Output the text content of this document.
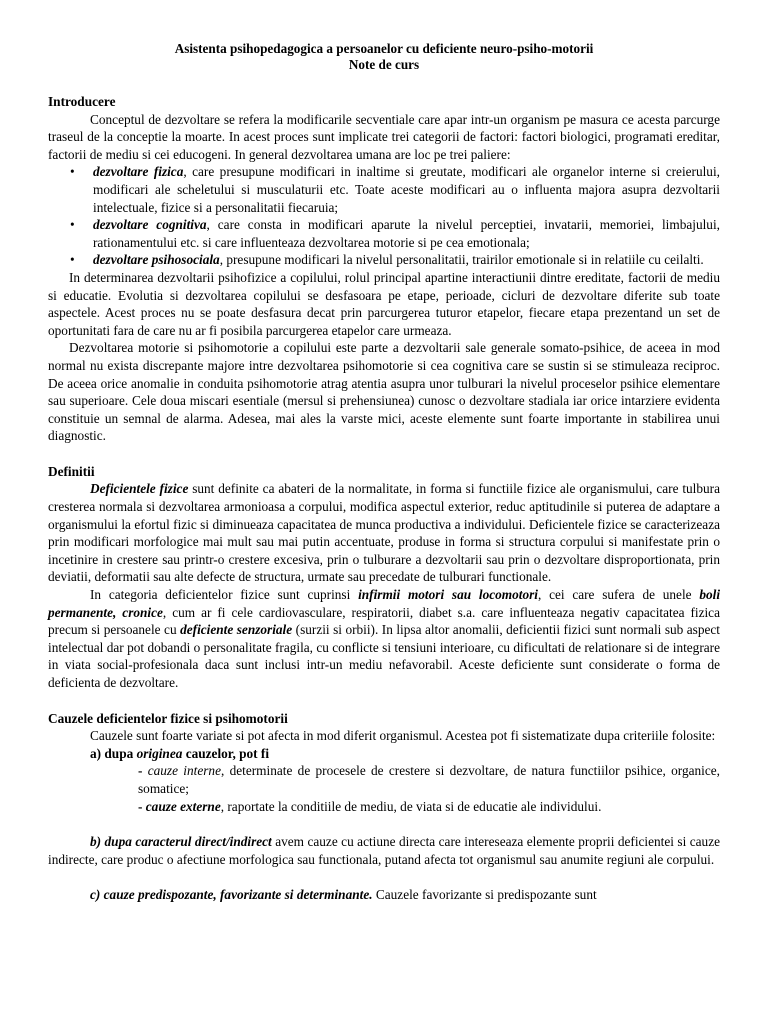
Asistenta psihopedagogica a persoanelor cu deficiente neuro-psiho-motorii
Note de curs
Introducere

Conceptul de dezvoltare se refera la modificarile secventiale care apar intr-un organism pe masura ce acesta parcurge traseul de la conceptie la moarte. In acest proces sunt implicate trei categorii de factori: factori biologici, programati ereditar, factorii de mediu si cei educogeni. In general dezvoltarea umana are loc pe trei paliere:

• dezvoltare fizica, care presupune modificari in inaltime si greutate, modificari ale organelor interne si creierului, modificari ale scheletului si musculaturii etc. Toate aceste modificari au o influenta majora asupra dezvoltarii intelectuale, fizice si a personalitatii fiecaruia;
• dezvoltare cognitiva, care consta in modificari aparute la nivelul perceptiei, invatarii, memoriei, limbajului, rationamentului etc. si care influenteaza dezvoltarea motorie si pe cea emotionala;
• dezvoltare psihosociala, presupune modificari la nivelul personalitatii, trairilor emotionale si in relatiile cu ceilalti.

In determinarea dezvoltarii psihofizice a copilului, rolul principal apartine interactiunii dintre ereditate, factorii de mediu si educatie. Evolutia si dezvoltarea copilului se desfasoara pe etape, perioade, cicluri de dezvoltare diferite sub toate aspectele. Acest proces nu se poate desfasura decat prin parcurgerea tuturor etapelor, fiecare etapa prezentand un set de oportunitati fara de care nu ar fi posibila parcurgerea etapelor care urmeaza.

Dezvoltarea motorie si psihomotorie a copilului este parte a dezvoltarii sale generale somato-psihice, de aceea in mod normal nu exista discrepante majore intre dezvoltarea psihomotorie si cea cognitiva care se sustin si se stimuleaza reciproc. De aceea orice anomalie in conduita psihomotorie atrag atentia asupra unor tulburari la nivelul proceselor psihice elementare sau superioare. Cele doua miscari esentiale (mersul si prehensiunea) cunosc o dezvoltare stadiala iar orice intarziere evidenta constituie un semnal de alarma. Adesea, mai ales la varste mici, aceste elemente sunt foarte importante in stabilirea unui diagnostic.

Definitii

Deficientele fizice sunt definite ca abateri de la normalitate, in forma si functiile fizice ale organismului, care tulbura cresterea normala si dezvoltarea armonioasa a corpului, modifica aspectul exterior, reduc aptitudinile si puterea de adaptare a organismului la efortul fizic si diminueaza capacitatea de munca productiva a individului. Deficientele fizice se caracterizeaza prin modificari morfologice mai mult sau mai putin accentuate, produse in forma si structura corpului si manifestate prin o incetinire in crestere sau printr-o crestere excesiva, prin o tulburare a dezvoltarii sau prin o dezvoltare disproportionata, prin deviatii, deformatii sau alte defecte de structura, urmate sau precedate de tulburari functionale.

In categoria deficientelor fizice sunt cuprinsi infirmii motori sau locomotori, cei care sufera de unele boli permanente, cronice, cum ar fi cele cardiovasculare, respiratorii, diabet s.a. care influenteaza negativ capacitatea fizica precum si persoanele cu deficiente senzoriale (surzii si orbii). In lipsa altor anomalii, deficientii fizici sunt normali sub aspect intelectual dar pot dobandi o personalitate fragila, cu conflicte si tensiuni interioare, cu dificultati de relationare si de integrare in viata social-profesionala daca sunt inclusi intr-un mediu nefavorabil. Aceste deficiente sunt considerate o forma de deficienta de dezvoltare.

Cauzele deficientelor fizice si psihomotorii

Cauzele sunt foarte variate si pot afecta in mod diferit organismul. Acestea pot fi sistematizate dupa criteriile folosite:

a) dupa originea cauzelor, pot fi

- cauze interne, determinate de procesele de crestere si dezvoltare, de natura functiilor psihice, organice, somatice;

- cauze externe, raportate la conditiile de mediu, de viata si de educatie ale individului.

b) dupa caracterul direct/indirect avem cauze cu actiune directa care intereseaza elemente proprii deficientei si cauze indirecte, care produc o afectiune morfologica sau functionala, putand afecta tot organismul sau anumite regiuni ale corpului.

c) cauze predispozante, favorizante si determinante. Cauzele favorizante si predispozante sunt
